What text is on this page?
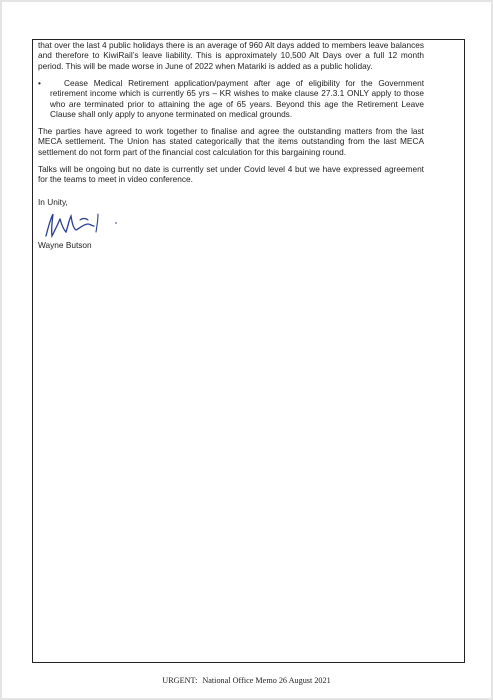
that over the last 4 public holidays there is an average of 960 Alt days added to members leave balances and therefore to KiwiRail’s leave liability. This is approximately 10,500 Alt Days over a full 12 month period. This will be made worse in June of 2022 when Matariki is added as a public holiday.

•	Cease Medical Retirement application/payment after age of eligibility for the Government retirement income which is currently 65 yrs – KR wishes to make clause 27.3.1 ONLY apply to those who are terminated prior to attaining the age of 65 years. Beyond this age the Retirement Leave Clause shall only apply to anyone terminated on medical grounds.

The parties have agreed to work together to finalise and agree the outstanding matters from the last MECA settlement. The Union has stated categorically that the items outstanding from the last MECA settlement do not form part of the financial cost calculation for this bargaining round.

Talks will be ongoing but no date is currently set under Covid level 4 but we have expressed agreement for the teams to meet in video conference.

In Unity,
Wayne Butson
URGENT: National Office Memo 26 August 2021
